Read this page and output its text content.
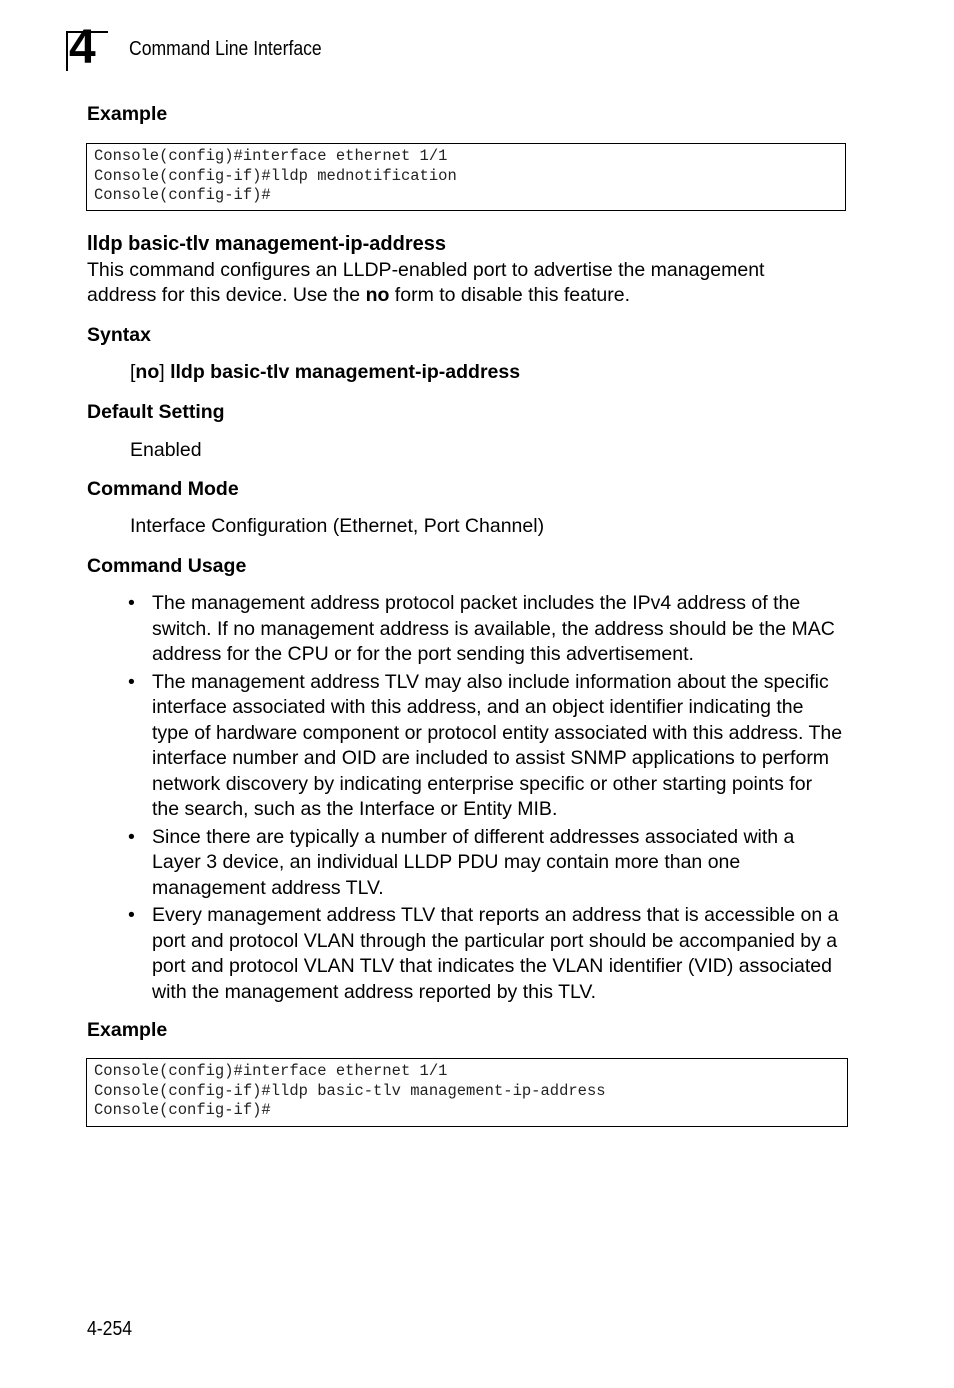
4 Command Line Interface
Example
Console(config)#interface ethernet 1/1
Console(config-if)#lldp mednotification
Console(config-if)#
lldp basic-tlv management-ip-address
This command configures an LLDP-enabled port to advertise the management address for this device. Use the no form to disable this feature.
Syntax
[no] lldp basic-tlv management-ip-address
Default Setting
Enabled
Command Mode
Interface Configuration (Ethernet, Port Channel)
Command Usage
• The management address protocol packet includes the IPv4 address of the switch. If no management address is available, the address should be the MAC address for the CPU or for the port sending this advertisement.
• The management address TLV may also include information about the specific interface associated with this address, and an object identifier indicating the type of hardware component or protocol entity associated with this address. The interface number and OID are included to assist SNMP applications to perform network discovery by indicating enterprise specific or other starting points for the search, such as the Interface or Entity MIB.
• Since there are typically a number of different addresses associated with a Layer 3 device, an individual LLDP PDU may contain more than one management address TLV.
• Every management address TLV that reports an address that is accessible on a port and protocol VLAN through the particular port should be accompanied by a port and protocol VLAN TLV that indicates the VLAN identifier (VID) associated with the management address reported by this TLV.
Example
Console(config)#interface ethernet 1/1
Console(config-if)#lldp basic-tlv management-ip-address
Console(config-if)#
4-254
